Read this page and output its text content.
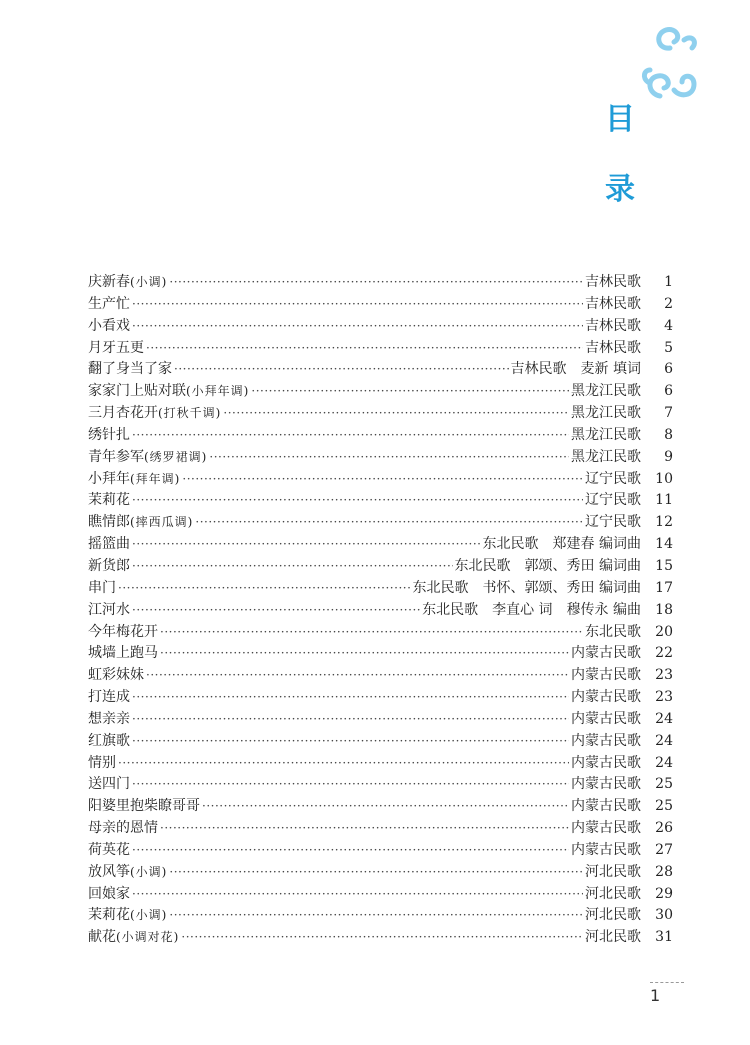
目
录
庆新春(小调) ·····	吉林民歌	1
生产忙 ·····	吉林民歌	2
小看戏 ·····	吉林民歌	4
月牙五更 ·····	吉林民歌	5
翻了身当了家 ·····	吉林民歌　麦新 填词	6
家家门上贴对联(小拜年调) ·····	黑龙江民歌	6
三月杏花开(打秋千调) ·····	黑龙江民歌	7
绣针扎 ·····	黑龙江民歌	8
青年参军(绣罗裙调) ·····	黑龙江民歌	9
小拜年(拜年调) ·····	辽宁民歌	10
茉莉花 ·····	辽宁民歌	11
瞧情郎(摔西瓜调) ·····	辽宁民歌	12
摇篮曲 ·····	东北民歌　郑建春 编词曲	14
新货郎 ·····	东北民歌　郭颂、秀田 编词曲	15
串门 ·····	东北民歌　书怀、郭颂、秀田 编词曲	17
江河水 ·····	东北民歌　李直心 词　穆传永 编曲	18
今年梅花开 ·····	东北民歌	20
城墙上跑马 ·····	内蒙古民歌	22
虹彩妹妹 ·····	内蒙古民歌	23
打连成 ·····	内蒙古民歌	23
想亲亲 ·····	内蒙古民歌	24
红旗歌 ·····	内蒙古民歌	24
情别 ·····	内蒙古民歌	24
送四门 ·····	内蒙古民歌	25
阳婆里抱柴瞭哥哥 ·····	内蒙古民歌	25
母亲的恩情 ·····	内蒙古民歌	26
荷英花 ·····	内蒙古民歌	27
放风筝(小调) ·····	河北民歌	28
回娘家 ·····	河北民歌	29
茉莉花(小调) ·····	河北民歌	30
献花(小调对花) ·····	河北民歌	31
1
